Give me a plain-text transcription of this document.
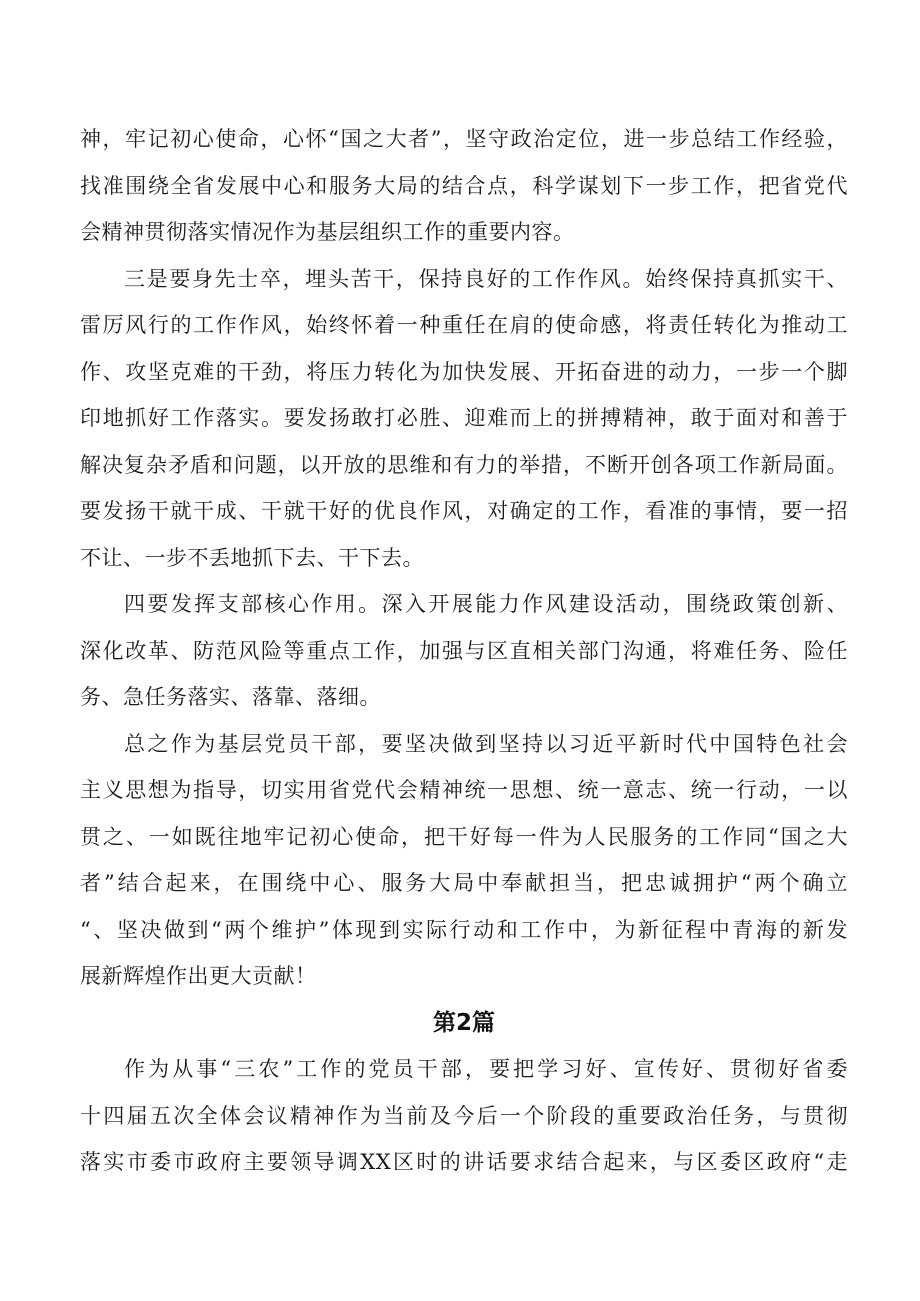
神，牢记初心使命，心怀“国之大者”，坚守政治定位，进一步总结工作经验，
找准围绕全省发展中心和服务大局的结合点，科学谋划下一步工作，把省党代
会精神贯彻落实情况作为基层组织工作的重要内容。
三是要身先士卒，埋头苦干，保持良好的工作作风。始终保持真抓实干、
雷厉风行的工作作风，始终怀着一种重任在肩的使命感，将责任转化为推动工
作、攻坚克难的干劲，将压力转化为加快发展、开拓奋进的动力，一步一个脚
印地抓好工作落实。要发扬敢打必胜、迎难而上的拼搏精神，敢于面对和善于
解决复杂矛盾和问题，以开放的思维和有力的举措，不断开创各项工作新局面。
要发扬干就干成、干就干好的优良作风，对确定的工作，看准的事情，要一招
不让、一步不丢地抓下去、干下去。
四要发挥支部核心作用。深入开展能力作风建设活动，围绕政策创新、
深化改革、防范风险等重点工作，加强与区直相关部门沟通，将难任务、险任
务、急任务落实、落靠、落细。
总之作为基层党员干部，要坚决做到坚持以习近平新时代中国特色社会
主义思想为指导，切实用省党代会精神统一思想、统一意志、统一行动，一以
贯之、一如既往地牢记初心使命，把干好每一件为人民服务的工作同“国之大
者”结合起来，在围绕中心、服务大局中奉献担当，把忠诚拥护“两个确立
“、坚决做到“两个维护”体现到实际行动和工作中，为新征程中青海的新发
展新辉煌作出更大贡献！
第2篇
作为从事“三农”工作的党员干部，要把学习好、宣传好、贯彻好省委
十四届五次全体会议精神作为当前及今后一个阶段的重要政治任务，与贯彻
落实市委市政府主要领导调XX区时的讲话要求结合起来，与区委区政府“走
